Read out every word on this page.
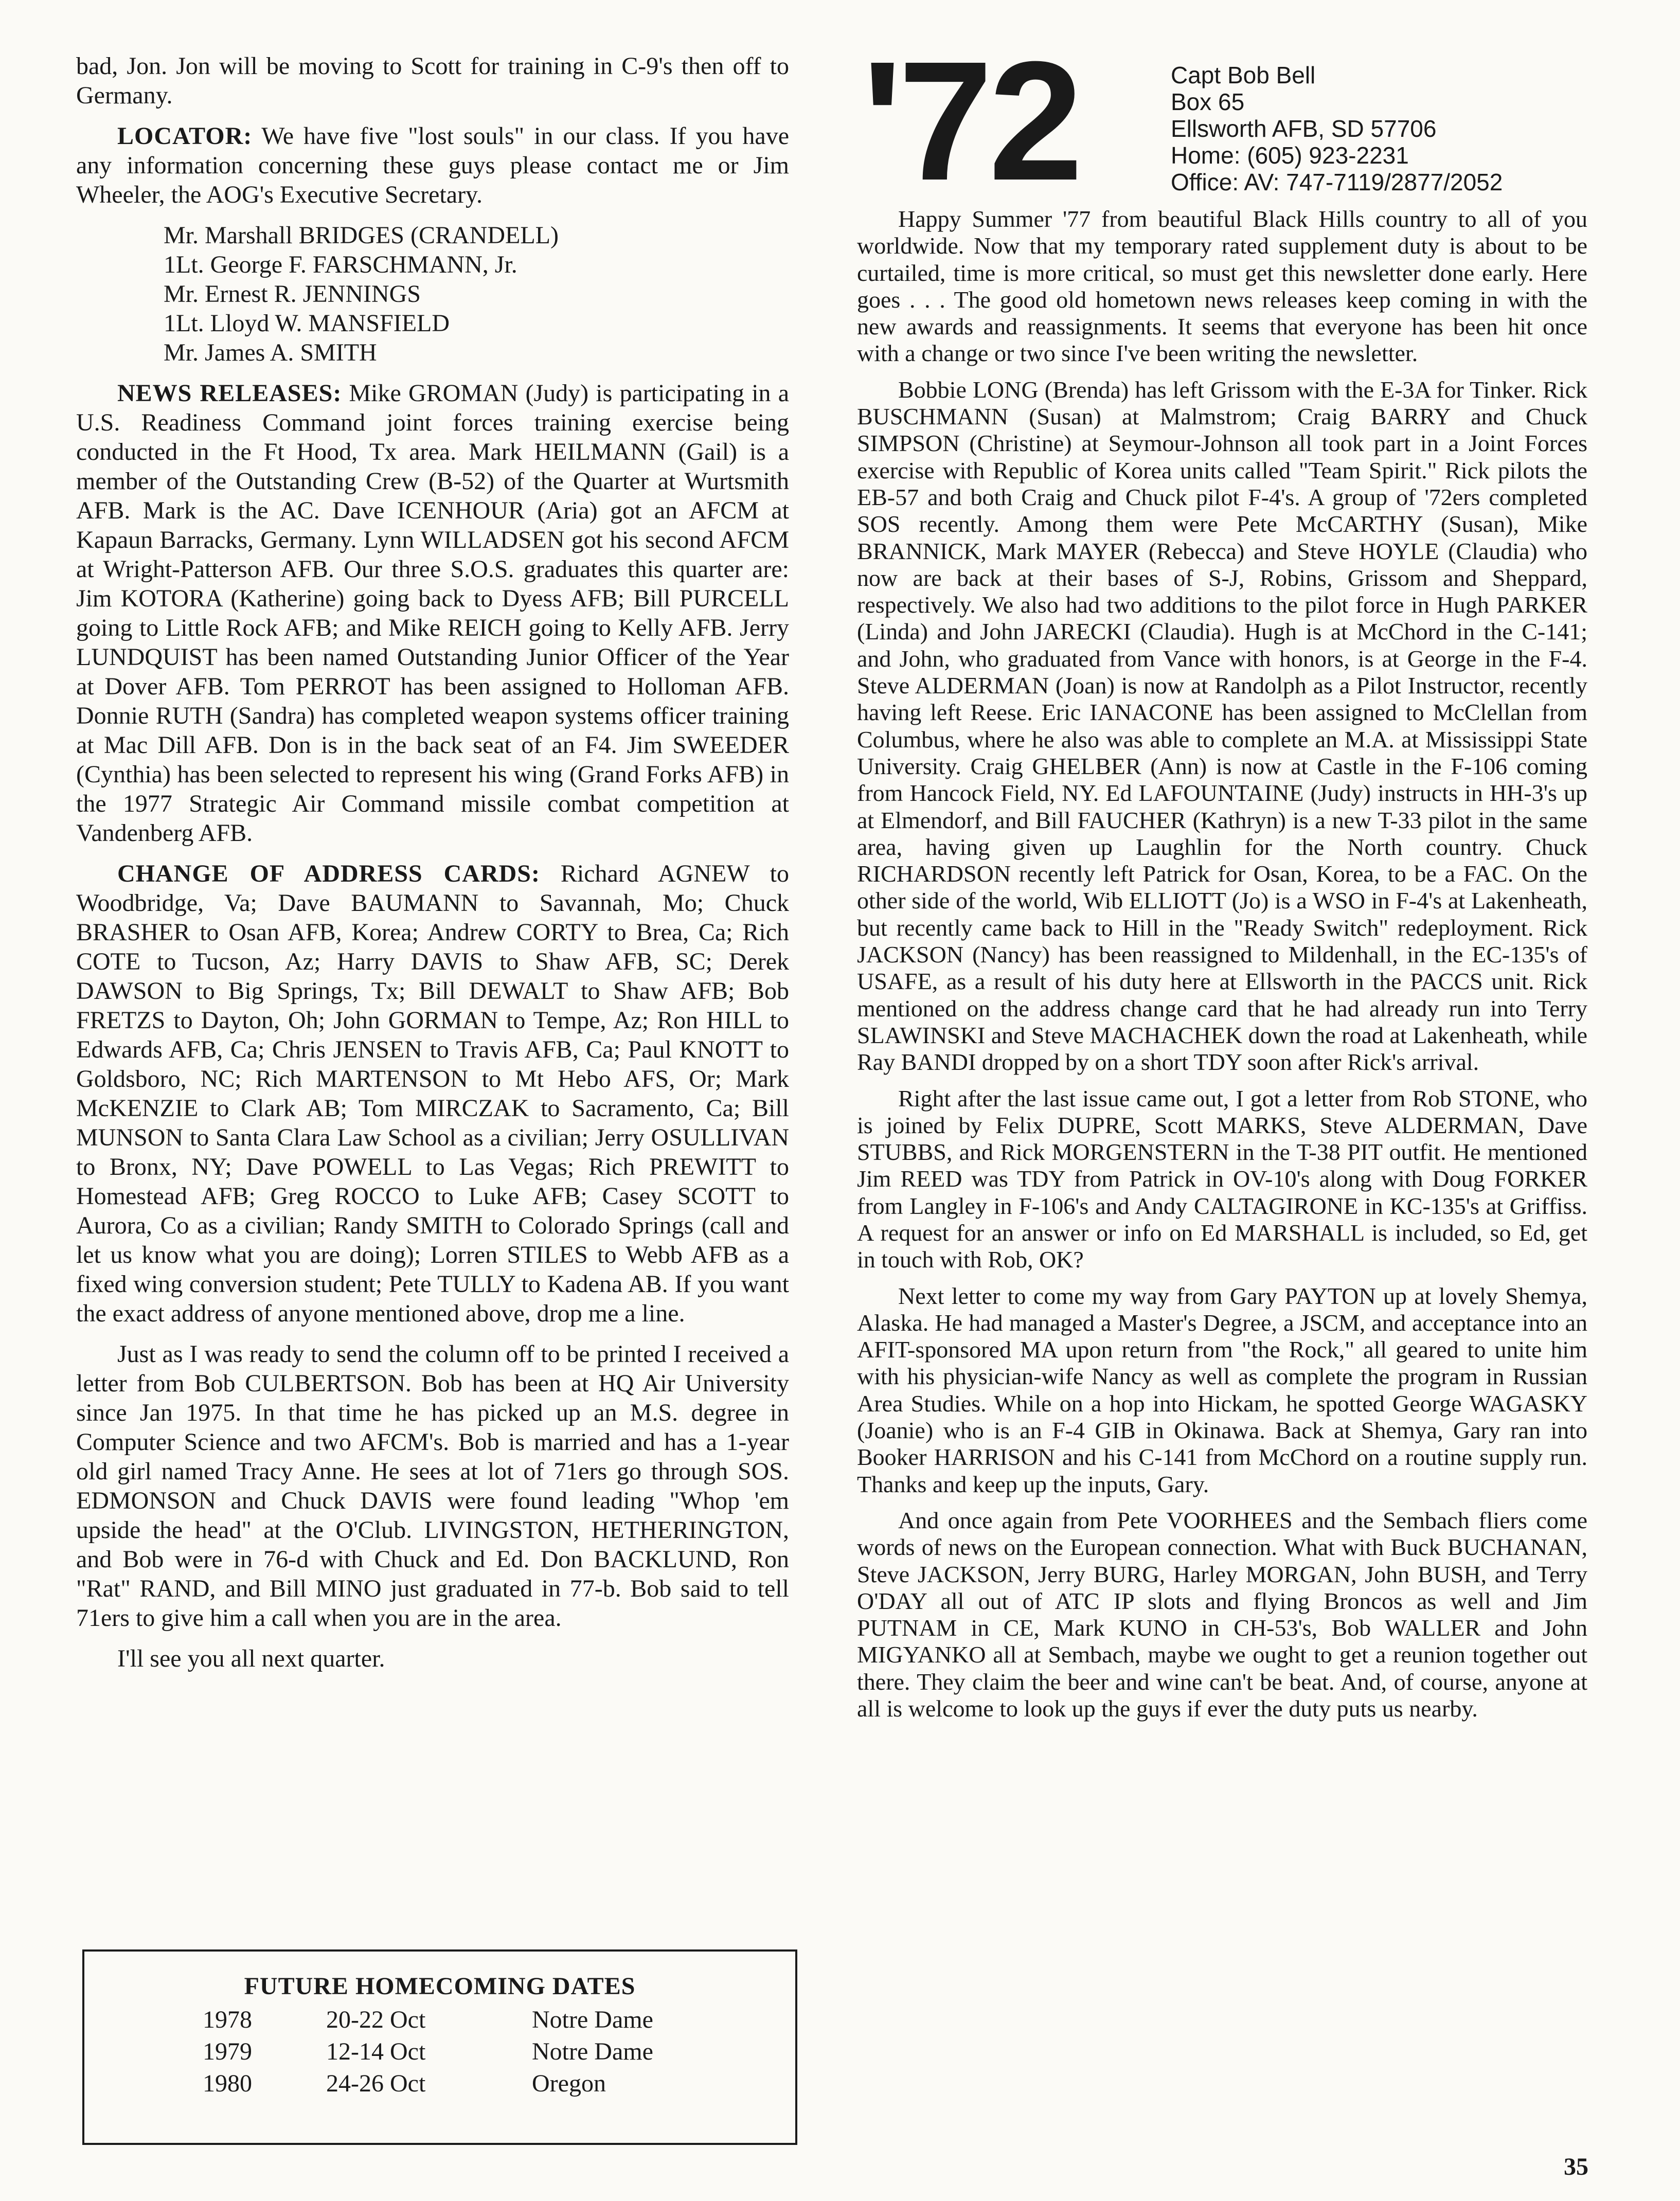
bad, Jon. Jon will be moving to Scott for training in C-9's then off to Germany.

LOCATOR: We have five "lost souls" in our class. If you have any information concerning these guys please contact me or Jim Wheeler, the AOG's Executive Secretary.

Mr. Marshall BRIDGES (CRANDELL)
1Lt. George F. FARSCHMANN, Jr.
Mr. Ernest R. JENNINGS
1Lt. Lloyd W. MANSFIELD
Mr. James A. SMITH

NEWS RELEASES: Mike GROMAN (Judy) is participating in a U.S. Readiness Command joint forces training exercise being conducted in the Ft Hood, Tx area. Mark HEILMANN (Gail) is a member of the Outstanding Crew (B-52) of the Quarter at Wurtsmith AFB. Mark is the AC. Dave ICENHOUR (Aria) got an AFCM at Kapaun Barracks, Germany. Lynn WILLADSEN got his second AFCM at Wright-Patterson AFB. Our three S.O.S. graduates this quarter are: Jim KOTORA (Katherine) going back to Dyess AFB; Bill PURCELL going to Little Rock AFB; and Mike REICH going to Kelly AFB. Jerry LUNDQUIST has been named Outstanding Junior Officer of the Year at Dover AFB. Tom PERROT has been assigned to Holloman AFB. Donnie RUTH (Sandra) has completed weapon systems officer training at Mac Dill AFB. Don is in the back seat of an F4. Jim SWEEDER (Cynthia) has been selected to represent his wing (Grand Forks AFB) in the 1977 Strategic Air Command missile combat competition at Vandenberg AFB.

CHANGE OF ADDRESS CARDS: Richard AGNEW to Woodbridge, Va; Dave BAUMANN to Savannah, Mo; Chuck BRASHER to Osan AFB, Korea; Andrew CORTY to Brea, Ca; Rich COTE to Tucson, Az; Harry DAVIS to Shaw AFB, SC; Derek DAWSON to Big Springs, Tx; Bill DEWALT to Shaw AFB; Bob FRETZS to Dayton, Oh; John GORMAN to Tempe, Az; Ron HILL to Edwards AFB, Ca; Chris JENSEN to Travis AFB, Ca; Paul KNOTT to Goldsboro, NC; Rich MARTENSON to Mt Hebo AFS, Or; Mark McKENZIE to Clark AB; Tom MIRCZAK to Sacramento, Ca; Bill MUNSON to Santa Clara Law School as a civilian; Jerry OSULLIVAN to Bronx, NY; Dave POWELL to Las Vegas; Rich PREWITT to Homestead AFB; Greg ROCCO to Luke AFB; Casey SCOTT to Aurora, Co as a civilian; Randy SMITH to Colorado Springs (call and let us know what you are doing); Lorren STILES to Webb AFB as a fixed wing conversion student; Pete TULLY to Kadena AB. If you want the exact address of anyone mentioned above, drop me a line.

Just as I was ready to send the column off to be printed I received a letter from Bob CULBERTSON. Bob has been at HQ Air University since Jan 1975. In that time he has picked up an M.S. degree in Computer Science and two AFCM's. Bob is married and has a 1-year old girl named Tracy Anne. He sees at lot of 71ers go through SOS. EDMONSON and Chuck DAVIS were found leading "Whop 'em upside the head" at the O'Club. LIVINGSTON, HETHERINGTON, and Bob were in 76-d with Chuck and Ed. Don BACKLUND, Ron "Rat" RAND, and Bill MINO just graduated in 77-b. Bob said to tell 71ers to give him a call when you are in the area.

I'll see you all next quarter.

FUTURE HOMECOMING DATES
1978	20-22 Oct	Notre Dame
1979	12-14 Oct	Notre Dame
1980	24-26 Oct	Oregon
'72	Capt Bob Bell
Box 65
Ellsworth AFB, SD 57706
Home: (605) 923-2231
Office: AV: 747-7119/2877/2052

Happy Summer '77 from beautiful Black Hills country to all of you worldwide. Now that my temporary rated supplement duty is about to be curtailed, time is more critical, so must get this newsletter done early. Here goes . . . The good old hometown news releases keep coming in with the new awards and reassignments. It seems that everyone has been hit once with a change or two since I've been writing the newsletter.

Bobbie LONG (Brenda) has left Grissom with the E-3A for Tinker. Rick BUSCHMANN (Susan) at Malmstrom; Craig BARRY and Chuck SIMPSON (Christine) at Seymour-Johnson all took part in a Joint Forces exercise with Republic of Korea units called "Team Spirit." Rick pilots the EB-57 and both Craig and Chuck pilot F-4's. A group of '72ers completed SOS recently. Among them were Pete McCARTHY (Susan), Mike BRANNICK, Mark MAYER (Rebecca) and Steve HOYLE (Claudia) who now are back at their bases of S-J, Robins, Grissom and Sheppard, respectively. We also had two additions to the pilot force in Hugh PARKER (Linda) and John JARECKI (Claudia). Hugh is at McChord in the C-141; and John, who graduated from Vance with honors, is at George in the F-4. Steve ALDERMAN (Joan) is now at Randolph as a Pilot Instructor, recently having left Reese. Eric IANACONE has been assigned to McClellan from Columbus, where he also was able to complete an M.A. at Mississippi State University. Craig GHELBER (Ann) is now at Castle in the F-106 coming from Hancock Field, NY. Ed LAFOUNTAINE (Judy) instructs in HH-3's up at Elmendorf, and Bill FAUCHER (Kathryn) is a new T-33 pilot in the same area, having given up Laughlin for the North country. Chuck RICHARDSON recently left Patrick for Osan, Korea, to be a FAC. On the other side of the world, Wib ELLIOTT (Jo) is a WSO in F-4's at Lakenheath, but recently came back to Hill in the "Ready Switch" redeployment. Rick JACKSON (Nancy) has been reassigned to Mildenhall, in the EC-135's of USAFE, as a result of his duty here at Ellsworth in the PACCS unit. Rick mentioned on the address change card that he had already run into Terry SLAWINSKI and Steve MACHACHEK down the road at Lakenheath, while Ray BANDI dropped by on a short TDY soon after Rick's arrival.

Right after the last issue came out, I got a letter from Rob STONE, who is joined by Felix DUPRE, Scott MARKS, Steve ALDERMAN, Dave STUBBS, and Rick MORGENSTERN in the T-38 PIT outfit. He mentioned Jim REED was TDY from Patrick in OV-10's along with Doug FORKER from Langley in F-106's and Andy CALTAGIRONE in KC-135's at Griffiss. A request for an answer or info on Ed MARSHALL is included, so Ed, get in touch with Rob, OK?

Next letter to come my way from Gary PAYTON up at lovely Shemya, Alaska. He had managed a Master's Degree, a JSCM, and acceptance into an AFIT-sponsored MA upon return from "the Rock," all geared to unite him with his physician-wife Nancy as well as complete the program in Russian Area Studies. While on a hop into Hickam, he spotted George WAGASKY (Joanie) who is an F-4 GIB in Okinawa. Back at Shemya, Gary ran into Booker HARRISON and his C-141 from McChord on a routine supply run. Thanks and keep up the inputs, Gary.

And once again from Pete VOORHEES and the Sembach fliers come words of news on the European connection. What with Buck BUCHANAN, Steve JACKSON, Jerry BURG, Harley MORGAN, John BUSH, and Terry O'DAY all out of ATC IP slots and flying Broncos as well and Jim PUTNAM in CE, Mark KUNO in CH-53's, Bob WALLER and John MIGYANKO all at Sembach, maybe we ought to get a reunion together out there. They claim the beer and wine can't be beat. And, of course, anyone at all is welcome to look up the guys if ever the duty puts us nearby.

35
